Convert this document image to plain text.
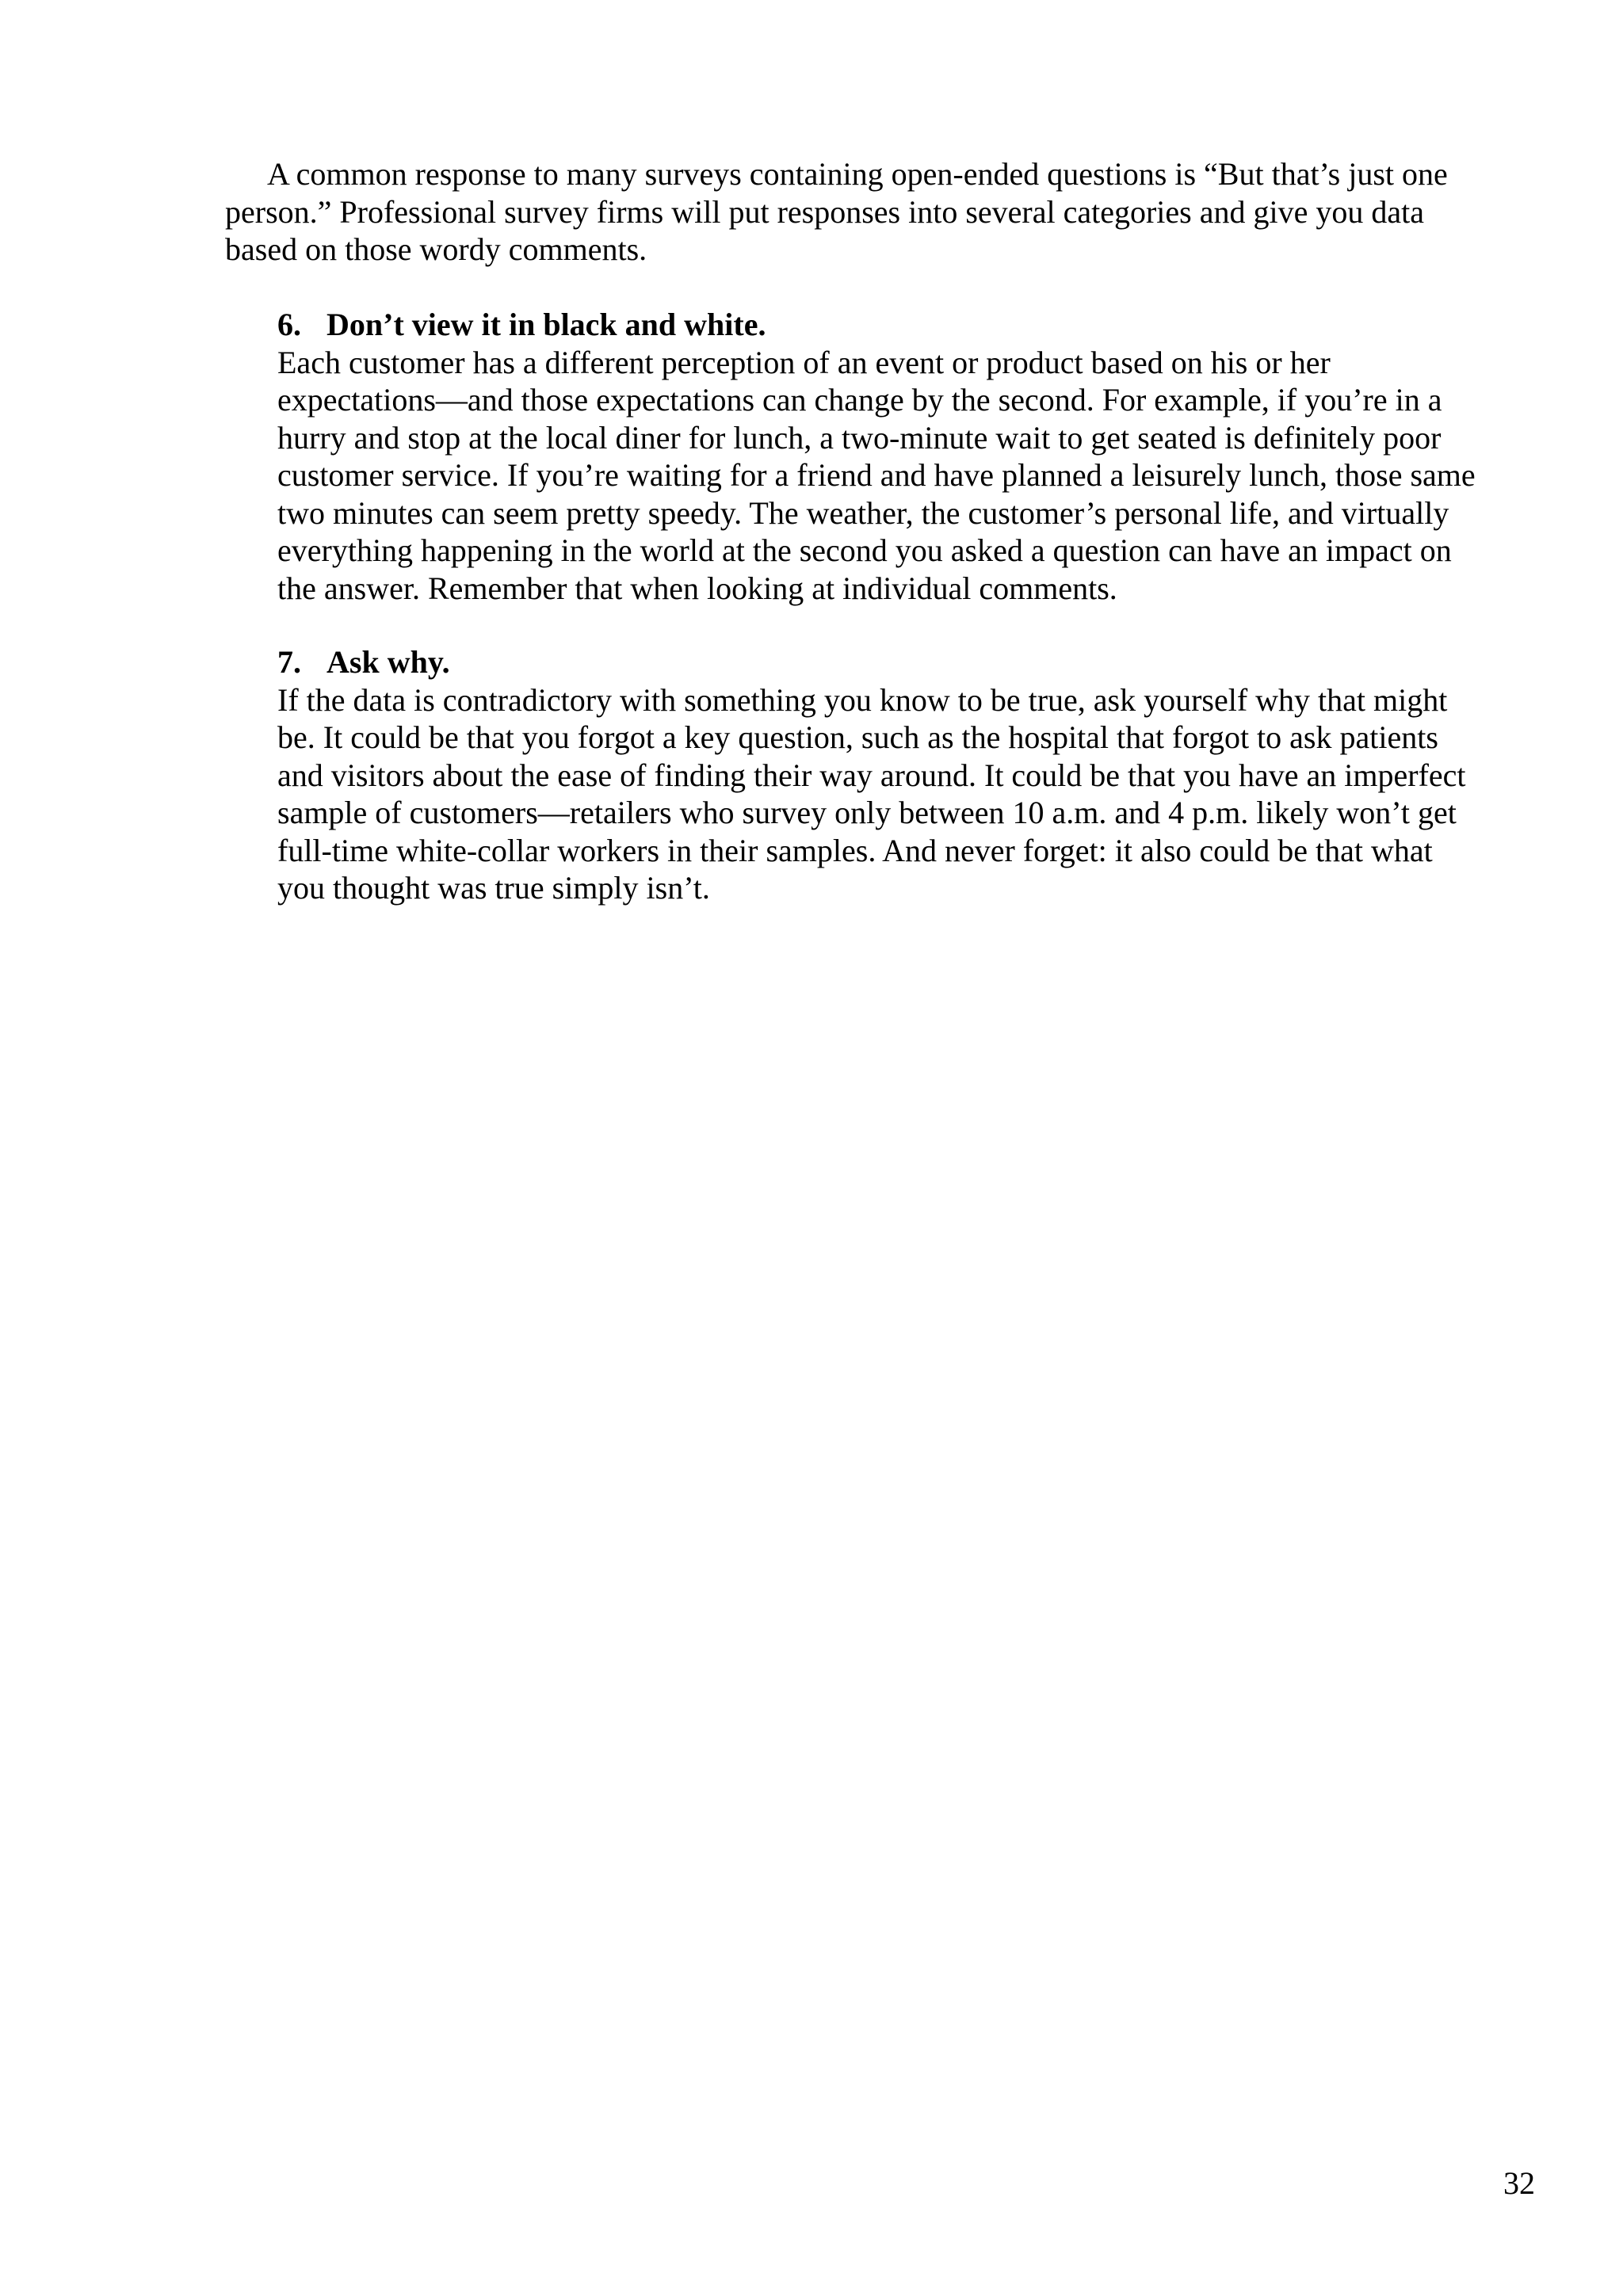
A common response to many surveys containing open-ended questions is “But that’s just one
person.” Professional survey firms will put responses into several categories and give you data
based on those wordy comments.

6. Don’t view it in black and white.

Each customer has a different perception of an event or product based on his or her
expectations—and those expectations can change by the second. For example, if you’re in a
hurry and stop at the local diner for lunch, a two-minute wait to get seated is definitely poor
customer service. If you’re waiting for a friend and have planned a leisurely lunch, those same
two minutes can seem pretty speedy. The weather, the customer’s personal life, and virtually
everything happening in the world at the second you asked a question can have an impact on
the answer. Remember that when looking at individual comments.

7. Ask why.

If the data is contradictory with something you know to be true, ask yourself why that might
be. It could be that you forgot a key question, such as the hospital that forgot to ask patients
and visitors about the ease of finding their way around. It could be that you have an imperfect
sample of customers—retailers who survey only between 10 a.m. and 4 p.m. likely won’t get
full-time white-collar workers in their samples. And never forget: it also could be that what
you thought was true simply isn’t.

32
